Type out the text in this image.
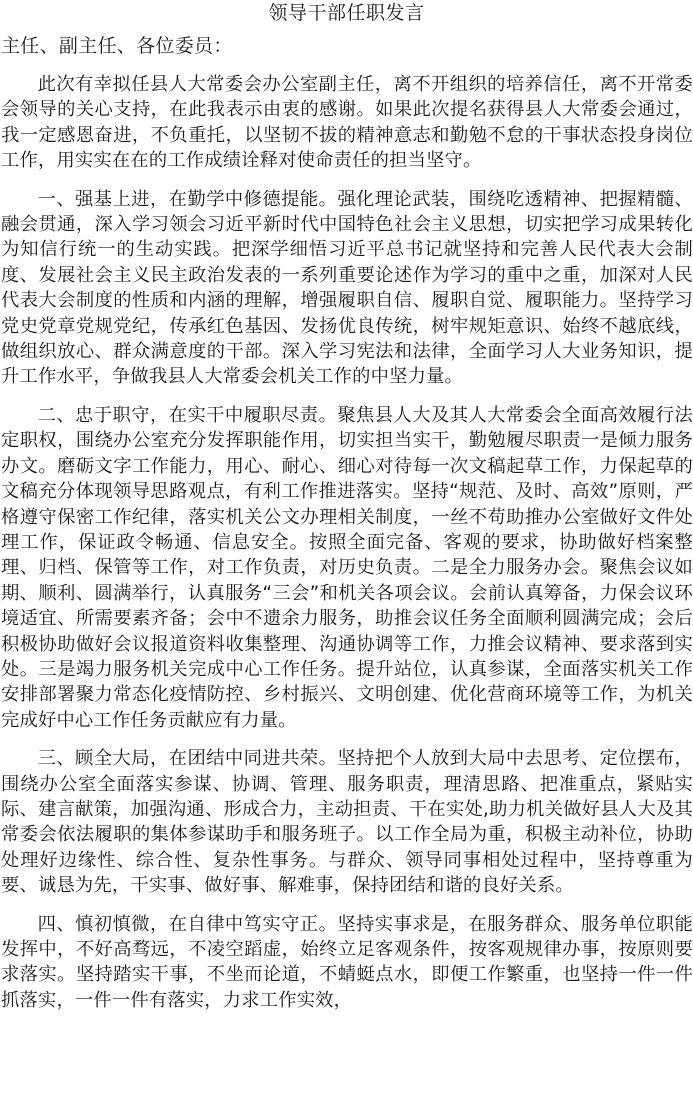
领导干部任职发言
主任、副主任、各位委员：

此次有幸拟任县人大常委会办公室副主任，离不开组织的培养信任，离不开常委会领导的关心支持，在此我表示由衷的感谢。如果此次提名获得县人大常委会通过，我一定感恩奋进，不负重托，以坚韧不拔的精神意志和勤勉不怠的干事状态投身岗位工作，用实实在在的工作成绩诠释对使命责任的担当坚守。

一、强基上进，在勤学中修德提能。强化理论武装，围绕吃透精神、把握精髓、融会贯通，深入学习领会习近平新时代中国特色社会主义思想，切实把学习成果转化为知信行统一的生动实践。把深学细悟习近平总书记就坚持和完善人民代表大会制度、发展社会主义民主政治发表的一系列重要论述作为学习的重中之重，加深对人民代表大会制度的性质和内涵的理解，增强履职自信、履职自觉、履职能力。坚持学习党史党章党规党纪，传承红色基因、发扬优良传统，树牢规矩意识、始终不越底线，做组织放心、群众满意度的干部。深入学习宪法和法律，全面学习人大业务知识，提升工作水平，争做我县人大常委会机关工作的中坚力量。

二、忠于职守，在实干中履职尽责。聚焦县人大及其人大常委会全面高效履行法定职权，围绕办公室充分发挥职能作用，切实担当实干，勤勉履尽职责一是倾力服务办文。磨砺文字工作能力，用心、耐心、细心对待每一次文稿起草工作，力保起草的文稿充分体现领导思路观点，有利工作推进落实。坚持“规范、及时、高效”原则，严格遵守保密工作纪律，落实机关公文办理相关制度，一丝不苟助推办公室做好文件处理工作，保证政令畅通、信息安全。按照全面完备、客观的要求，协助做好档案整理、归档、保管等工作，对工作负责，对历史负责。二是全力服务办会。聚焦会议如期、顺利、圆满举行，认真服务“三会”和机关各项会议。会前认真筹备，力保会议环境适宜、所需要素齐备；会中不遗余力服务，助推会议任务全面顺利圆满完成；会后积极协助做好会议报道资料收集整理、沟通协调等工作，力推会议精神、要求落到实处。三是竭力服务机关完成中心工作任务。提升站位，认真参谋，全面落实机关工作安排部署聚力常态化疫情防控、乡村振兴、文明创建、优化营商环境等工作，为机关完成好中心工作任务贡献应有力量。

三、顾全大局，在团结中同进共荣。坚持把个人放到大局中去思考、定位摆布，围绕办公室全面落实参谋、协调、管理、服务职责，理清思路、把准重点，紧贴实际、建言献策，加强沟通、形成合力，主动担责、干在实处,助力机关做好县人大及其常委会依法履职的集体参谋助手和服务班子。以工作全局为重，积极主动补位，协助处理好边缘性、综合性、复杂性事务。与群众、领导同事相处过程中，坚持尊重为要、诚恳为先，干实事、做好事、解难事，保持团结和谐的良好关系。

四、慎初慎微，在自律中笃实守正。坚持实事求是，在服务群众、服务单位职能发挥中，不好高骛远，不凌空蹈虚，始终立足客观条件，按客观规律办事，按原则要求落实。坚持踏实干事，不坐而论道，不蜻蜓点水，即便工作繁重，也坚持一件一件抓落实，一件一件有落实，力求工作实效，
